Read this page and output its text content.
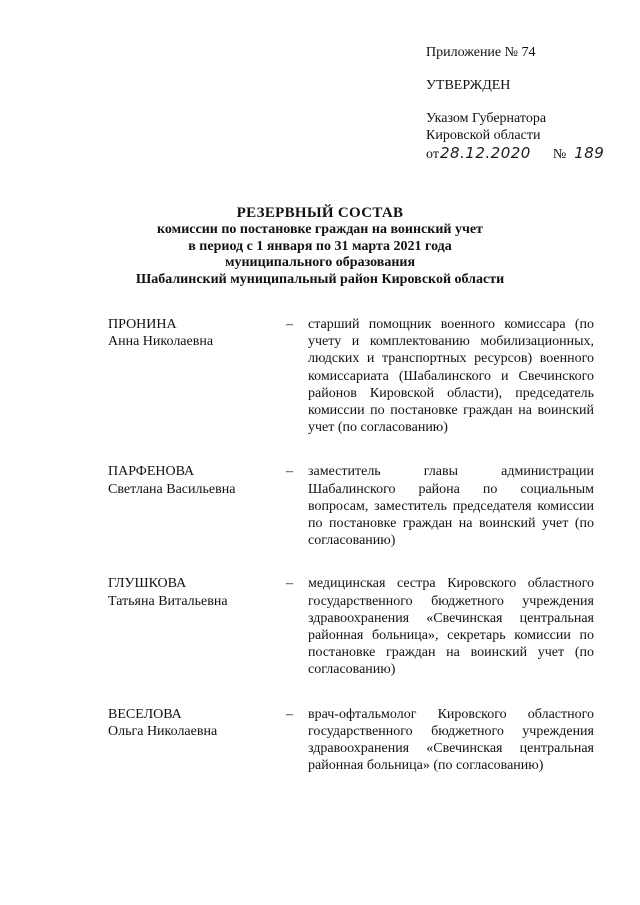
Приложение № 74
УТВЕРЖДЕН
Указом Губернатора
Кировской области
от 28.12.2020 № 189
РЕЗЕРВНЫЙ СОСТАВ
комиссии по постановке граждан на воинский учет
в период с 1 января по 31 марта 2021 года
муниципального образования
Шабалинский муниципальный район Кировской области
ПРОНИНА
Анна Николаевна
–	старший помощник военного комиссара (по учету и комплектованию мобилизационных, людских и транспортных ресурсов) военного комиссариата (Шабалинского и Свечинского районов Кировской области), председатель комиссии по постановке граждан на воинский учет (по согласованию)
ПАРФЕНОВА
Светлана Васильевна
–	заместитель главы администрации Шабалинского района по социальным вопросам, заместитель председателя комиссии по постановке граждан на воинский учет (по согласованию)
ГЛУШКОВА
Татьяна Витальевна
–	медицинская сестра Кировского областного государственного бюджетного учреждения здравоохранения «Свечинская центральная районная больница», секретарь комиссии по постановке граждан на воинский учет (по согласованию)
ВЕСЕЛОВА
Ольга Николаевна
–	врач-офтальмолог Кировского областного государственного бюджетного учреждения здравоохранения «Свечинская центральная районная больница» (по согласованию)
